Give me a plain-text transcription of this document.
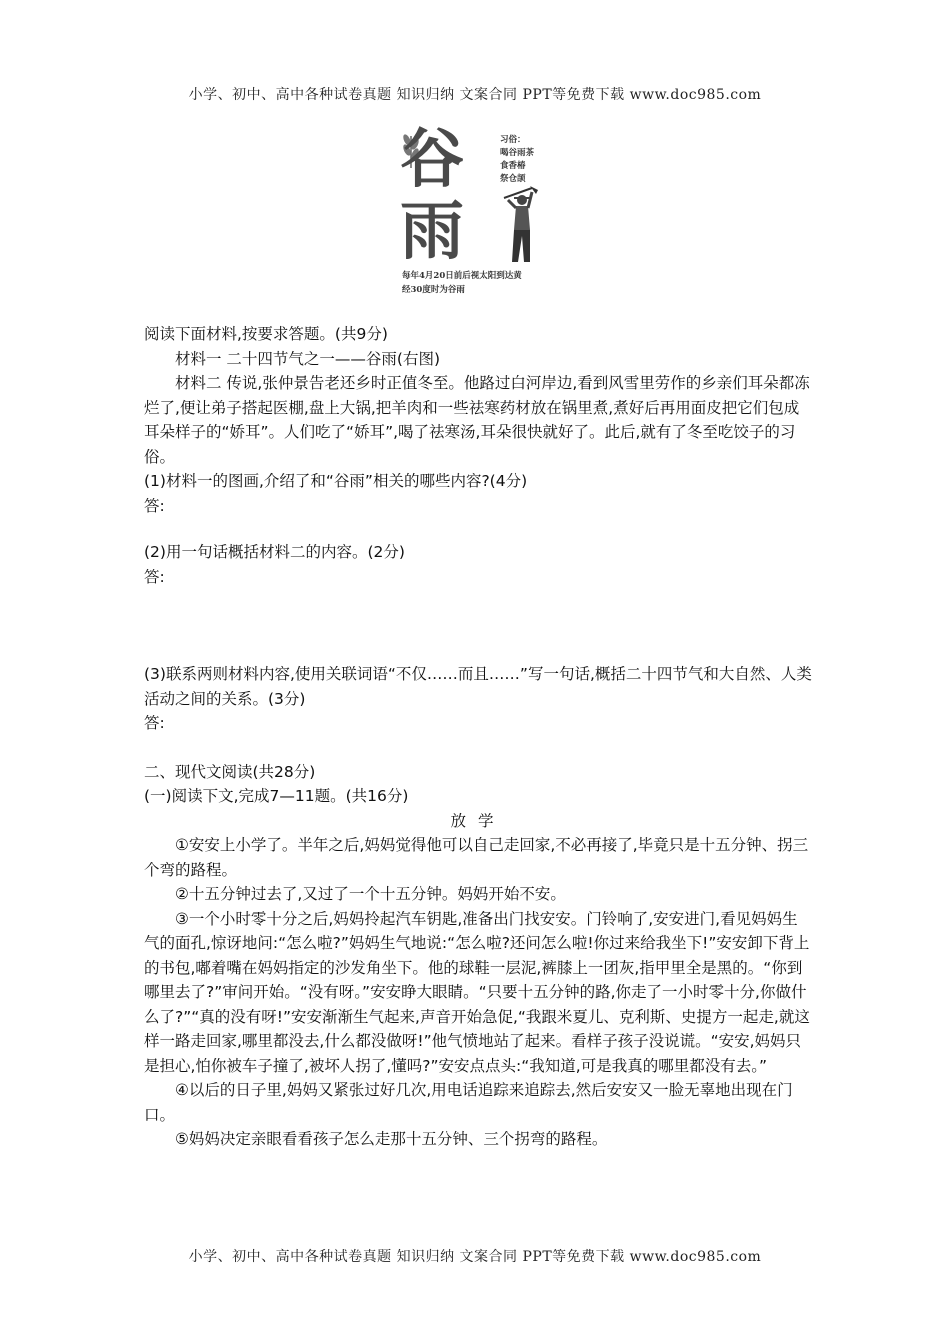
小学、初中、高中各种试卷真题 知识归纳 文案合同 PPT等免费下载 www.doc985.com
谷
雨
习俗：
喝谷雨茶
食香椿
祭仓颉
每年4月20日前后视太阳到达黄
经30度时为谷雨

阅读下面材料,按要求答题。(共9分)

材料一 二十四节气之一——谷雨(右图)

材料二 传说,张仲景告老还乡时正值冬至。他路过白河岸边,看到风雪里劳作的乡亲们耳朵都冻烂了,便让弟子搭起医棚,盘上大锅,把羊肉和一些祛寒药材放在锅里煮,煮好后再用面皮把它们包成耳朵样子的“娇耳”。人们吃了“娇耳”,喝了祛寒汤,耳朵很快就好了。此后,就有了冬至吃饺子的习俗。

(1)材料一的图画,介绍了和“谷雨”相关的哪些内容?(4分)

答:

(2)用一句话概括材料二的内容。(2分)

答:

(3)联系两则材料内容,使用关联词语“不仅……而且……”写一句话,概括二十四节气和大自然、人类活动之间的关系。(3分)

答:

二、现代文阅读(共28分)

(一)阅读下文,完成7—11题。(共16分)

放学

①安安上小学了。半年之后,妈妈觉得他可以自己走回家,不必再接了,毕竟只是十五分钟、拐三个弯的路程。

②十五分钟过去了,又过了一个十五分钟。妈妈开始不安。

③一个小时零十分之后,妈妈拎起汽车钥匙,准备出门找安安。门铃响了,安安进门,看见妈妈生气的面孔,惊讶地问:“怎么啦?”妈妈生气地说:“怎么啦?还问怎么啦!你过来给我坐下!”安安卸下背上的书包,嘟着嘴在妈妈指定的沙发角坐下。他的球鞋一层泥,裤膝上一团灰,指甲里全是黑的。“你到哪里去了?”审问开始。“没有呀。”安安睁大眼睛。“只要十五分钟的路,你走了一小时零十分,你做什么了?”“真的没有呀!”安安渐渐生气起来,声音开始急促,“我跟米夏儿、克利斯、史提方一起走,就这样一路走回家,哪里都没去,什么都没做呀!”他气愤地站了起来。看样子孩子没说谎。“安安,妈妈只是担心,怕你被车子撞了,被坏人拐了,懂吗?”安安点点头:“我知道,可是我真的哪里都没有去。”

④以后的日子里,妈妈又紧张过好几次,用电话追踪来追踪去,然后安安又一脸无辜地出现在门口。

⑤妈妈决定亲眼看看孩子怎么走那十五分钟、三个拐弯的路程。

小学、初中、高中各种试卷真题 知识归纳 文案合同 PPT等免费下载 www.doc985.com
